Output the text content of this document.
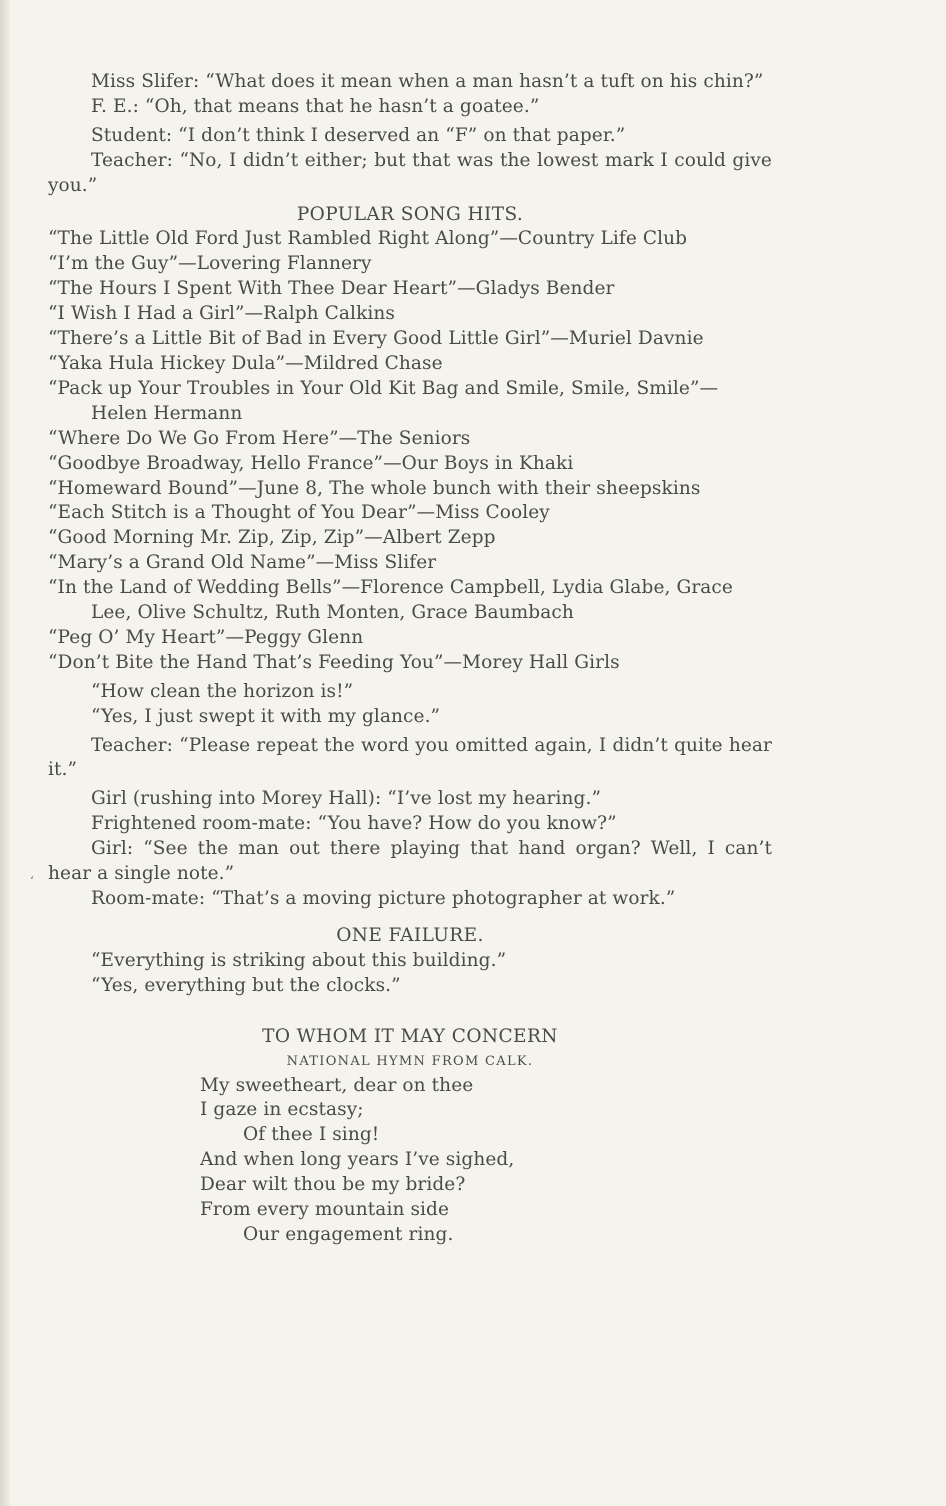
ʻ

Miss Slifer: “What does it mean when a man hasn’t a tuft on his chin?”

F. E.: “Oh, that means that he hasn’t a goatee.”

Student: “I don’t think I deserved an “F” on that paper.”

Teacher: “No, I didn’t either; but that was the lowest mark I could give you.”

POPULAR SONG HITS.

“The Little Old Ford Just Rambled Right Along”—Country Life Club

“I’m the Guy”—Lovering Flannery

“The Hours I Spent With Thee Dear Heart”—Gladys Bender

“I Wish I Had a Girl”—Ralph Calkins

“There’s a Little Bit of Bad in Every Good Little Girl”—Muriel Davnie

“Yaka Hula Hickey Dula”—Mildred Chase

“Pack up Your Troubles in Your Old Kit Bag and Smile, Smile, Smile”— Helen Hermann

“Where Do We Go From Here”—The Seniors

“Goodbye Broadway, Hello France”—Our Boys in Khaki

“Homeward Bound”—June 8, The whole bunch with their sheepskins

“Each Stitch is a Thought of You Dear”—Miss Cooley

“Good Morning Mr. Zip, Zip, Zip”—Albert Zepp

“Mary’s a Grand Old Name”—Miss Slifer

“In the Land of Wedding Bells”—Florence Campbell, Lydia Glabe, Grace Lee, Olive Schultz, Ruth Monten, Grace Baumbach

“Peg O’ My Heart”—Peggy Glenn

“Don’t Bite the Hand That’s Feeding You”—Morey Hall Girls

“How clean the horizon is!”

“Yes, I just swept it with my glance.”

Teacher: “Please repeat the word you omitted again, I didn’t quite hear it.”

Girl (rushing into Morey Hall): “I’ve lost my hearing.”

Frightened room-mate: “You have? How do you know?”

Girl: “See the man out there playing that hand organ? Well, I can’t hear a single note.”

Room-mate: “That’s a moving picture photographer at work.”

ONE FAILURE.

“Everything is striking about this building.”

“Yes, everything but the clocks.”

TO WHOM IT MAY CONCERN

NATIONAL HYMN FROM CALK.

My sweetheart, dear on thee

I gaze in ecstasy;

Of thee I sing!

And when long years I’ve sighed,

Dear wilt thou be my bride?

From every mountain side

Our engagement ring.
